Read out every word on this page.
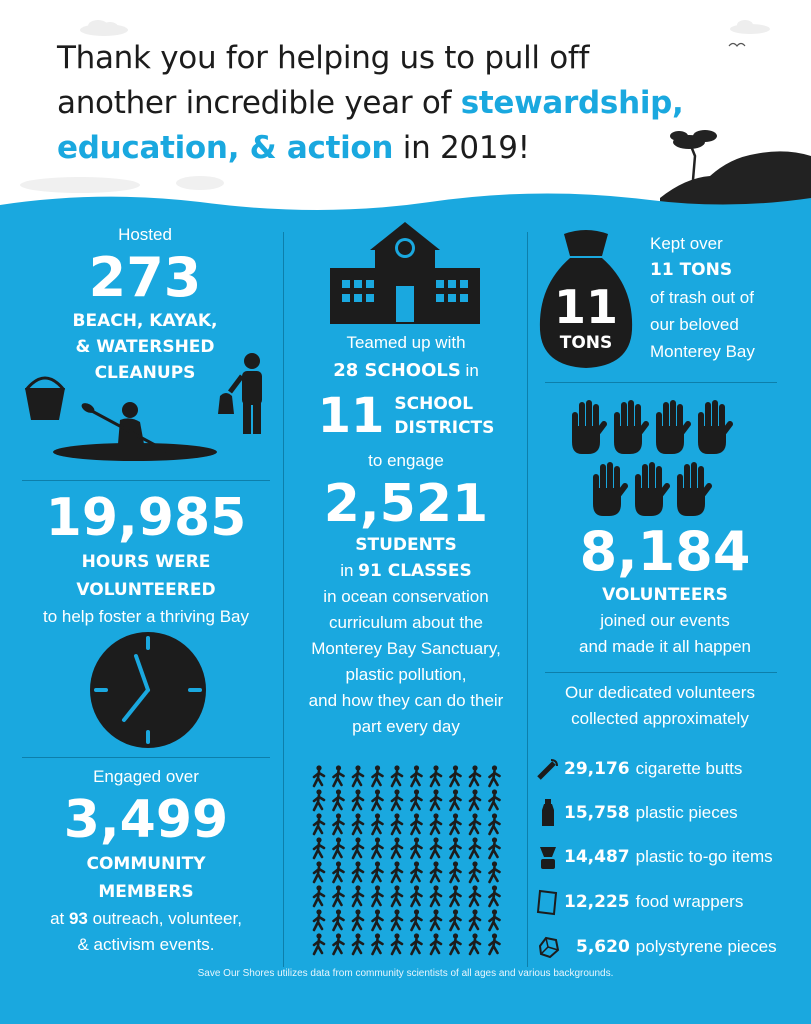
Thank you for helping us to pull off
another incredible year of stewardship,
education, & action in 2019!
Hosted
273
BEACH, KAYAK,
& WATERSHED
CLEANUPS
19,985
HOURS WERE
VOLUNTEERED
to help foster a thriving Bay
Engaged over
3,499
COMMUNITY
MEMBERS
at 93 outreach, volunteer,
& activism events.
Teamed up with
28 SCHOOLS in
11 SCHOOL
DISTRICTS
to engage
2,521
STUDENTS
in 91 CLASSES
in ocean conservation
curriculum about the
Monterey Bay Sanctuary,
plastic pollution,
and how they can do their
part every day
11
TONS
Kept over
11 TONS
of trash out of
our beloved
Monterey Bay
8,184
VOLUNTEERS
joined our events
and made it all happen
Our dedicated volunteers
collected approximately
29,176 cigarette butts
15,758 plastic pieces
14,487 plastic to-go items
12,225 food wrappers
5,620 polystyrene pieces
Save Our Shores utilizes data from community scientists of all ages and various backgrounds.
